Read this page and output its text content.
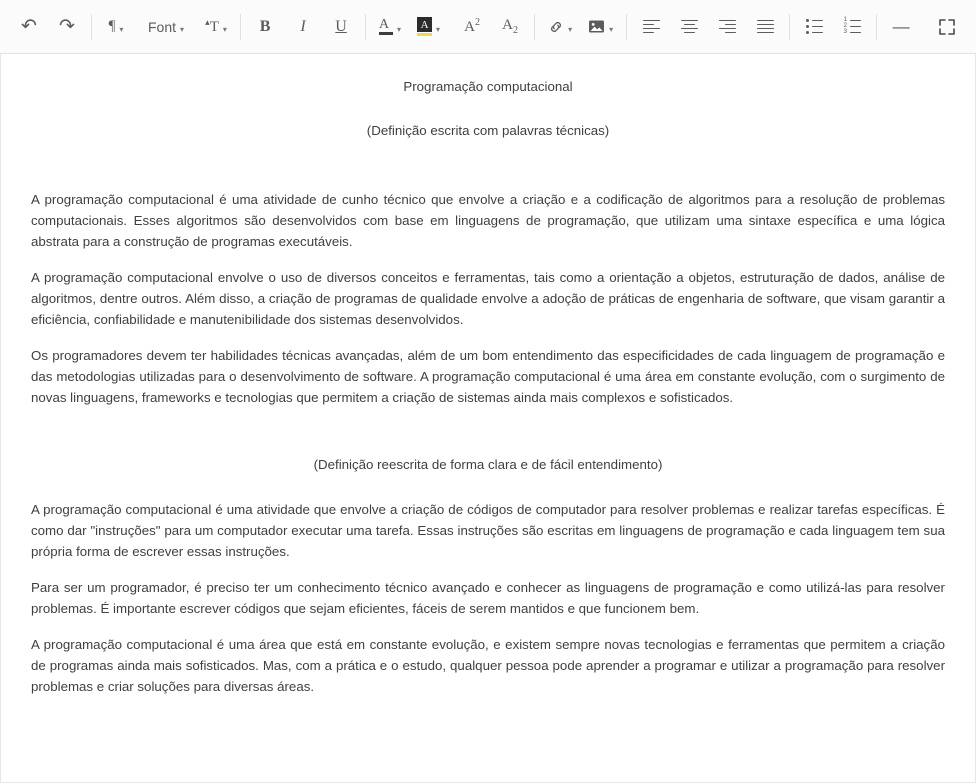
↶	↷	¶ ▾ Font ▾
▴T ▾ B I U A ▾	A ▾ $A^2$ $A_2$	▾	▾
1
2
3	—

Programação computacional

(Definição escrita com palavras técnicas)

A programação computacional é uma atividade de cunho técnico que envolve a criação e a codificação de algoritmos para a resolução de problemas computacionais. Esses algoritmos são desenvolvidos com base em linguagens de programação, que utilizam uma sintaxe específica e uma lógica abstrata para a construção de programas executáveis.

A programação computacional envolve o uso de diversos conceitos e ferramentas, tais como a orientação a objetos, estruturação de dados, análise de algoritmos, dentre outros. Além disso, a criação de programas de qualidade envolve a adoção de práticas de engenharia de software, que visam garantir a eficiência, confiabilidade e manutenibilidade dos sistemas desenvolvidos.

Os programadores devem ter habilidades técnicas avançadas, além de um bom entendimento das especificidades de cada linguagem de programação e das metodologias utilizadas para o desenvolvimento de software. A programação computacional é uma área em constante evolução, com o surgimento de novas linguagens, frameworks e tecnologias que permitem a criação de sistemas ainda mais complexos e sofisticados.

(Definição reescrita de forma clara e de fácil entendimento)

A programação computacional é uma atividade que envolve a criação de códigos de computador para resolver problemas e realizar tarefas específicas. É como dar "instruções" para um computador executar uma tarefa. Essas instruções são escritas em linguagens de programação e cada linguagem tem sua própria forma de escrever essas instruções.

Para ser um programador, é preciso ter um conhecimento técnico avançado e conhecer as linguagens de programação e como utilizá-las para resolver problemas. É importante escrever códigos que sejam eficientes, fáceis de serem mantidos e que funcionem bem.

A programação computacional é uma área que está em constante evolução, e existem sempre novas tecnologias e ferramentas que permitem a criação de programas ainda mais sofisticados. Mas, com a prática e o estudo, qualquer pessoa pode aprender a programar e utilizar a programação para resolver problemas e criar soluções para diversas áreas.
